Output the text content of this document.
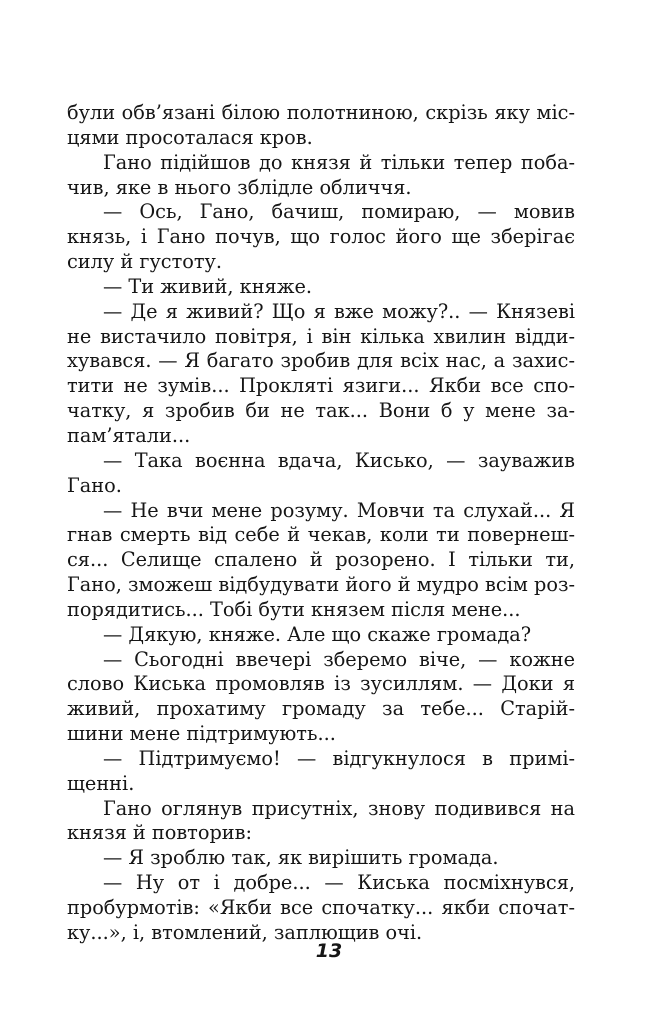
були обв’язані білою полотниною, скрізь яку міс-
цями просоталася кров.
Гано підійшов до князя й тільки тепер поба-
чив, яке в нього зблідле обличчя.
— Ось, Гано, бачиш, помираю, — мовив
князь, і Гано почув, що голос його ще зберігає
силу й густоту.
— Ти живий, княже.
— Де я живий? Що я вже можу?.. — Князеві
не вистачило повітря, і він кілька хвилин відди-
хувався. — Я багато зробив для всіх нас, а захис-
тити не зумів... Прокляті язиги... Якби все спо-
чатку, я зробив би не так... Вони б у мене за-
пам’ятали...
— Така воєнна вдача, Кисько, — зауважив
Гано.
— Не вчи мене розуму. Мовчи та слухай... Я
гнав смерть від себе й чекав, коли ти повернеш-
ся... Селище спалено й розорено. І тільки ти,
Гано, зможеш відбудувати його й мудро всім роз-
порядитись... Тобі бути князем після мене...
— Дякую, княже. Але що скаже громада?
— Сьогодні ввечері збеpемо віче, — кожне
слово Киська промовляв із зусиллям. — Доки я
живий, прохатиму громаду за тебе... Старій-
шини мене підтримують...
— Підтримуємо! — відгукнулося в примі-
щенні.
Гано оглянув присутніх, знову подивився на
князя й повторив:
— Я зроблю так, як вирішить громада.
— Ну от і добре... — Киська посміхнувся,
пробурмотів: «Якби все спочатку... якби спочат-
ку...», і, втомлений, заплющив очі.
13
